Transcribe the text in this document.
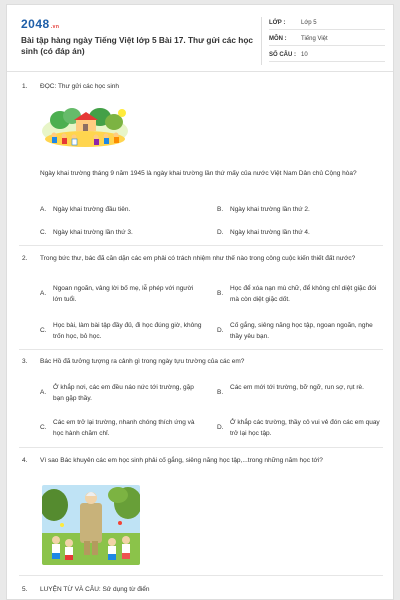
2048.vn
Bài tập hàng ngày Tiếng Việt lớp 5 Bài 17. Thư gửi các học sinh (có đáp án)
LỚP :	Lớp 5
MÔN : Tiếng Việt
SỐ CÂU : 10
1. ĐỌC: Thư gửi các học sinh
Ngày khai trường tháng 9 năm 1945 là ngày khai trường lần thứ mấy của nước Việt Nam Dân chủ Cộng hòa?
A. Ngày khai trường đầu tiên.	B. Ngày khai trường lần thứ 2.
C. Ngày khai trường lần thứ 3.	D. Ngày khai trường lần thứ 4.
2. Trong bức thư, bác đã căn dặn các em phải có trách nhiệm như thế nào trong công cuộc kiến thiết đất nước?
A.
Ngoan ngoãn, vâng lời bố mẹ, lễ phép với người lớn tuổi.
B.
Học để xóa nạn mù chữ, để không chỉ diệt giặc đói mà còn diệt giặc dốt.
C.
Học bài, làm bài tập đầy đủ, đi học đúng giờ, không trốn học, bỏ học.
D.
Cố gắng, siêng năng học tập, ngoan ngoãn, nghe thầy yêu bạn.
3. Bác Hồ đã tưởng tượng ra cảnh gì trong ngày tựu trường của các em?
A.
Ở khắp nơi, các em đều náo nức tới trường, gặp bạn gặp thầy.
B.
Các em mới tới trường, bỡ ngỡ, run sợ, rụt rè.
C.
Các em trở lại trường, nhanh chóng thích ứng và học hành chăm chỉ.
D.
Ở khắp các trường, thầy cô vui vẻ đón các em quay trở lại học tập.
4. Vì sao Bác khuyên các em học sinh phải cố gắng, siêng năng học tập,...trong những năm học tới?
5. LUYỆN TỪ VÀ CÂU: Sử dụng từ điển
